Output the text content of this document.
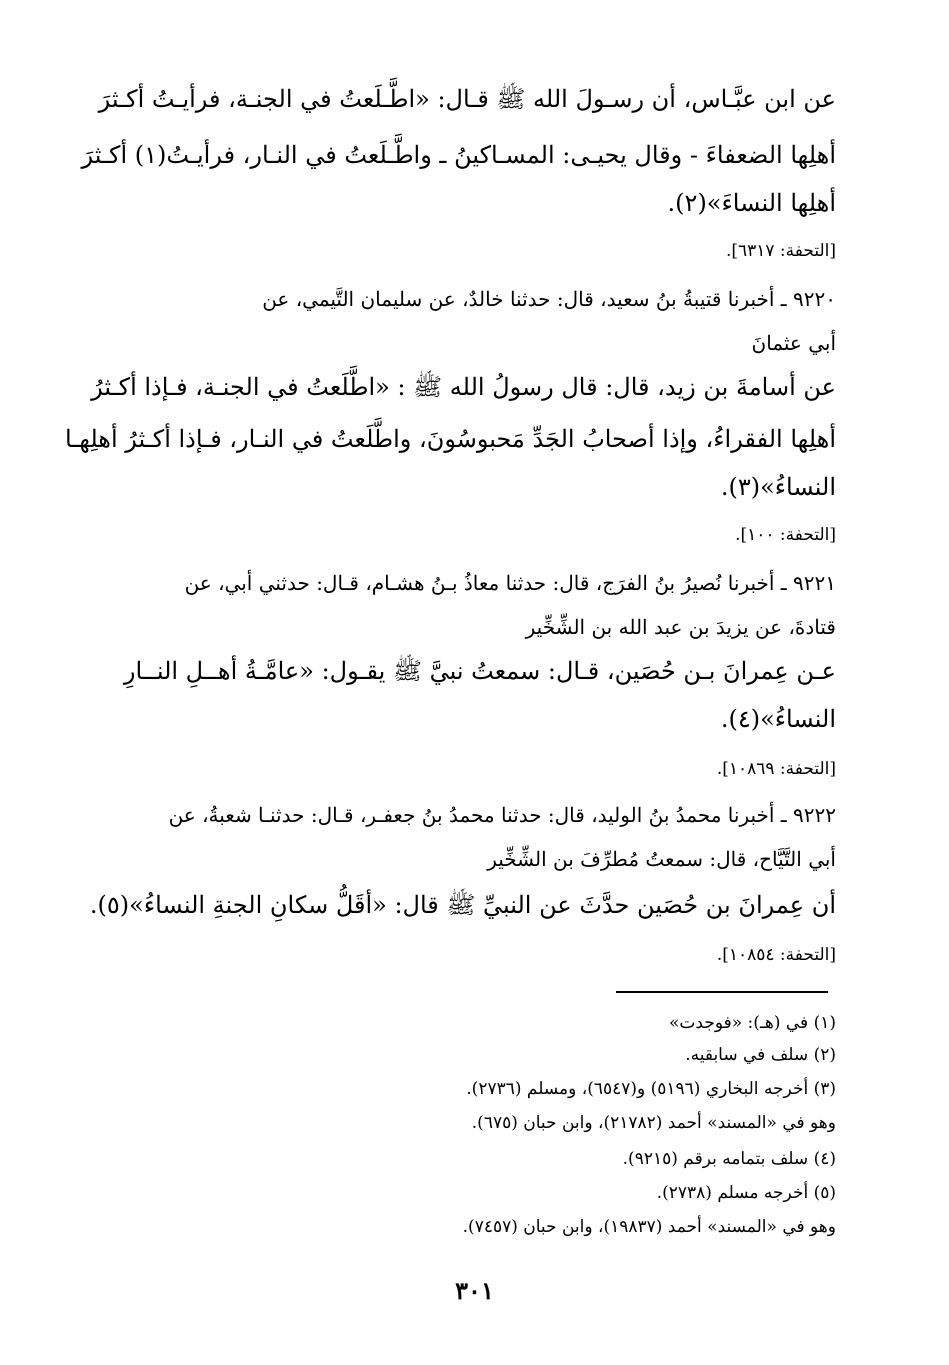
عن ابن عبَّـاس، أن رسـولَ الله ﷺ قـال: «اطَّـلَعتُ في الجنـة، فرأيـتُ أكـثرَ
أهلِها الضعفاءَ - وقال يحيـى: المسـاكينُ ـ واطَّـلَعتُ في النـار، فرأيـتُ(١) أكـثرَ
أهلِها النساءَ»(٢).
[التحفة: ٦٣١٧].
٩٢٢٠ ـ أخبرنا قتيبةُ بنُ سعيد، قال: حدثنا خالدٌ، عن سليمان التَّيمي، عن
أبي عثمانَ
عن أسامةَ بن زيد، قال: قال رسولُ الله ﷺ : «اطَّلَعتُ في الجنـة، فـإذا أكـثرُ
أهلِها الفقراءُ، وإذا أصحابُ الجَدِّ مَحبوسُونَ، واطَّلَعتُ في النـار، فـإذا أكـثرُ أهلِهـا
النساءُ»(٣).
[التحفة: ١٠٠].
٩٢٢١ ـ أخبرنا نُصيرُ بنُ الفرَج، قال: حدثنا معاذُ بـنُ هشـام، قـال: حدثني أبي، عن
قتادةَ، عن يزيدَ بن عبد الله بن الشِّخِّير
عـن عِمرانَ بـن حُصَين، قـال: سمعتُ نبيَّ ﷺ يقـول: «عامَّـةُ أهــلِ النــارِ
النساءُ»(٤).
[التحفة: ١٠٨٦٩].
٩٢٢٢ ـ أخبرنا محمدُ بنُ الوليد، قال: حدثنا محمدُ بنُ جعفـر، قـال: حدثنـا شعبةُ، عن
أبي التَّيَّاح، قال: سمعتُ مُطرِّفَ بن الشِّخِّير
أن عِمرانَ بن حُصَين حدَّثَ عن النبيِّ ﷺ قال: «أقَلُّ سكانِ الجنةِ النساءُ»(٥).
[التحفة: ١٠٨٥٤].
(١) في (هـ): «فوجدت»
(٢) سلف في سابقيه.
(٣) أخرجه البخاري (٥١٩٦) و(٦٥٤٧)، ومسلم (٢٧٣٦).
وهو في «المسند» أحمد (٢١٧٨٢)، وابن حبان (٦٧٥).
(٤) سلف بتمامه برقم (٩٢١٥).
(٥) أخرجه مسلم (٢٧٣٨).
وهو في «المسند» أحمد (١٩٨٣٧)، وابن حبان (٧٤٥٧).
٣٠١
